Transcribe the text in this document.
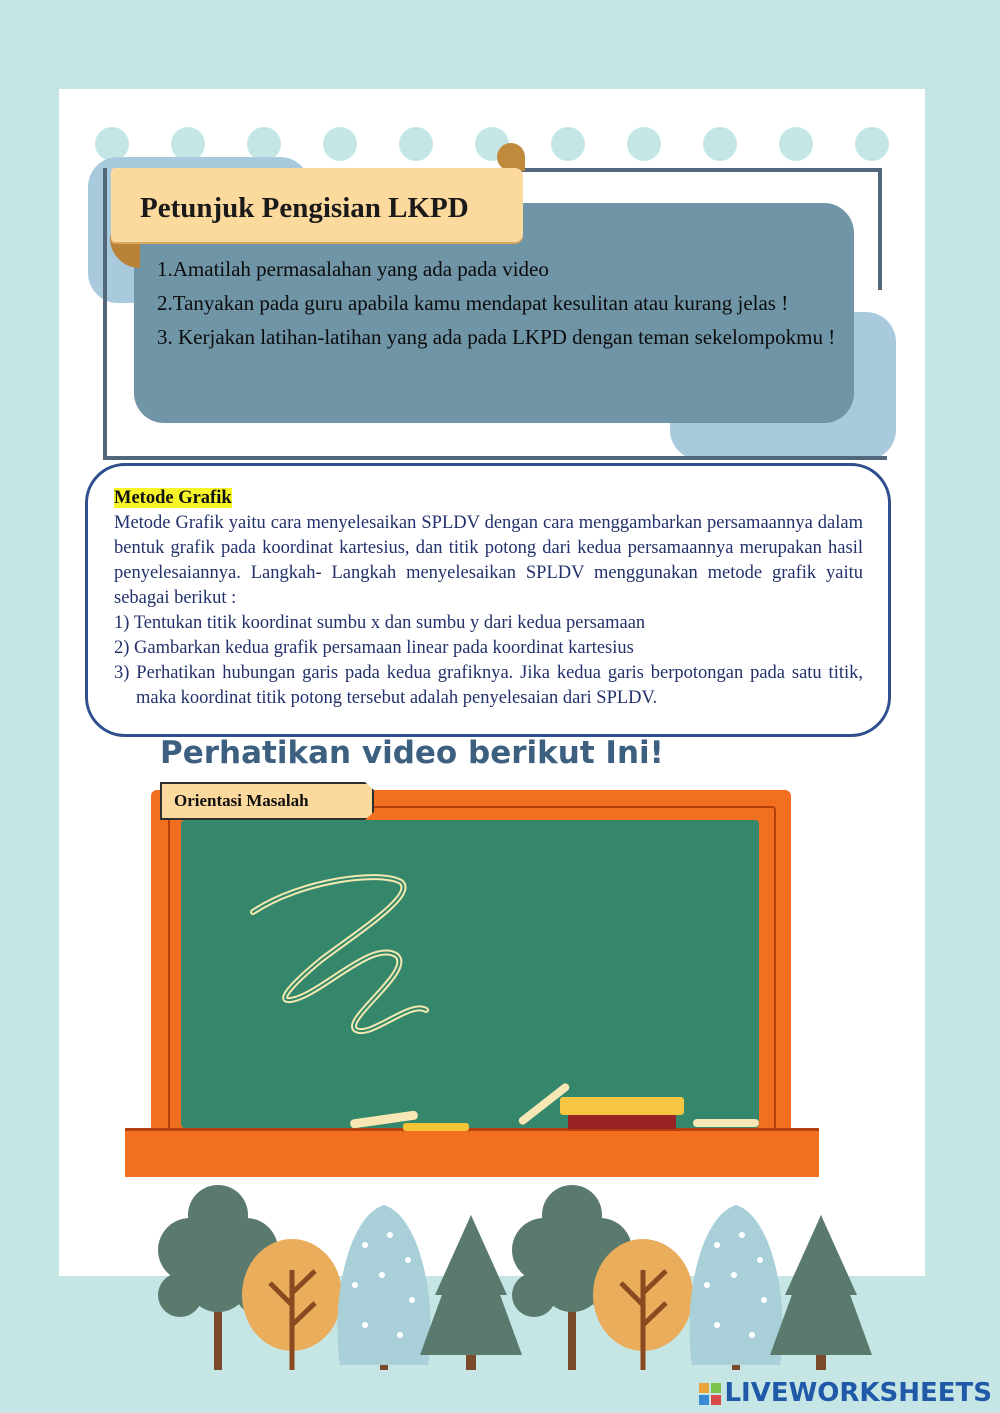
Petunjuk Pengisian LKPD

1.Amatilah permasalahan yang ada pada video

2.Tanyakan pada guru apabila kamu mendapat kesulitan atau kurang jelas !

3. Kerjakan latihan-latihan yang ada pada LKPD dengan teman sekelompokmu !

Metode Grafik

Metode Grafik yaitu cara menyelesaikan SPLDV dengan cara menggambarkan persamaannya dalam bentuk grafik pada koordinat kartesius, dan titik potong dari kedua persamaannya merupakan hasil penyelesaiannya. Langkah- Langkah menyelesaikan SPLDV menggunakan metode grafik yaitu sebagai berikut :

1) Tentukan titik koordinat sumbu x dan sumbu y dari kedua persamaan
2) Gambarkan kedua grafik persamaan linear pada koordinat kartesius
3) Perhatikan hubungan garis pada kedua grafiknya. Jika kedua garis berpotongan pada satu titik, maka koordinat titik potong tersebut adalah penyelesaian dari SPLDV.
Perhatikan video berikut Ini!
Orientasi Masalah
LIVEWORKSHEETS
